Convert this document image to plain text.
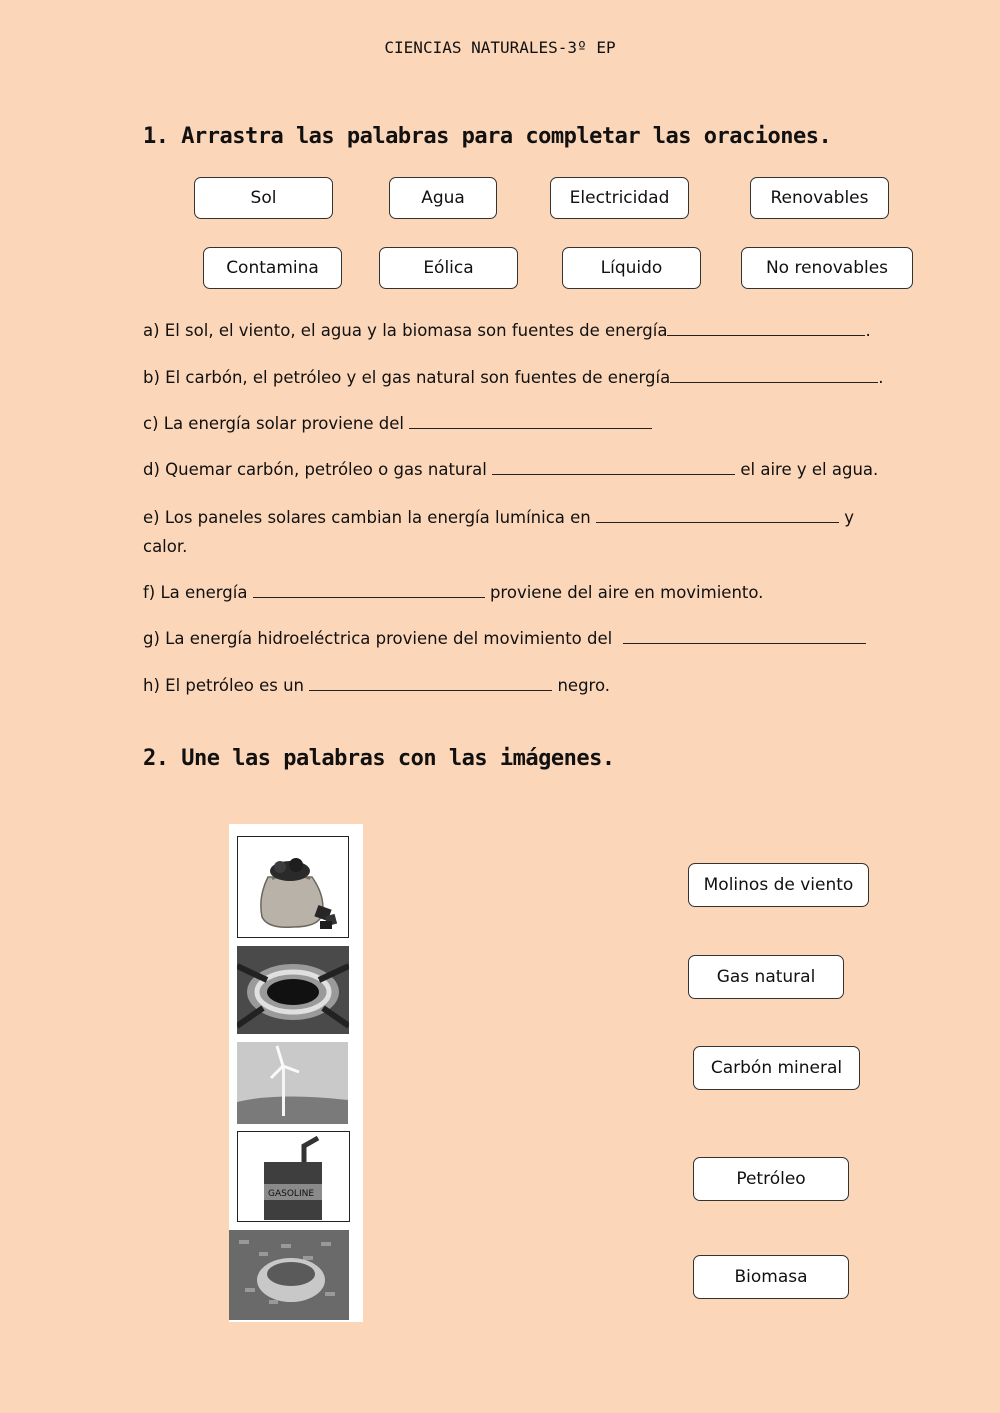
CIENCIAS NATURALES-3º EP
1. Arrastra las palabras para completar las oraciones.
Sol	Agua	Electricidad	Renovables
Contamina	Eólica	Líquido	No renovables
a) El sol, el viento, el agua y la biomasa son fuentes de energía	.
b) El carbón, el petróleo y el gas natural son fuentes de energía	.
c) La energía solar proviene del
d) Quemar carbón, petróleo o gas natural	el aire y el agua.
e) Los paneles solares cambian la energía lumínica en	y
calor.
f) La energía	proviene del aire en movimiento.
g) La energía hidroeléctrica proviene del movimiento del
h) El petróleo es un	negro.
2. Une las palabras con las imágenes.
GASOLINE
Molinos de viento
Gas natural
Carbón mineral
Petróleo
Biomasa
